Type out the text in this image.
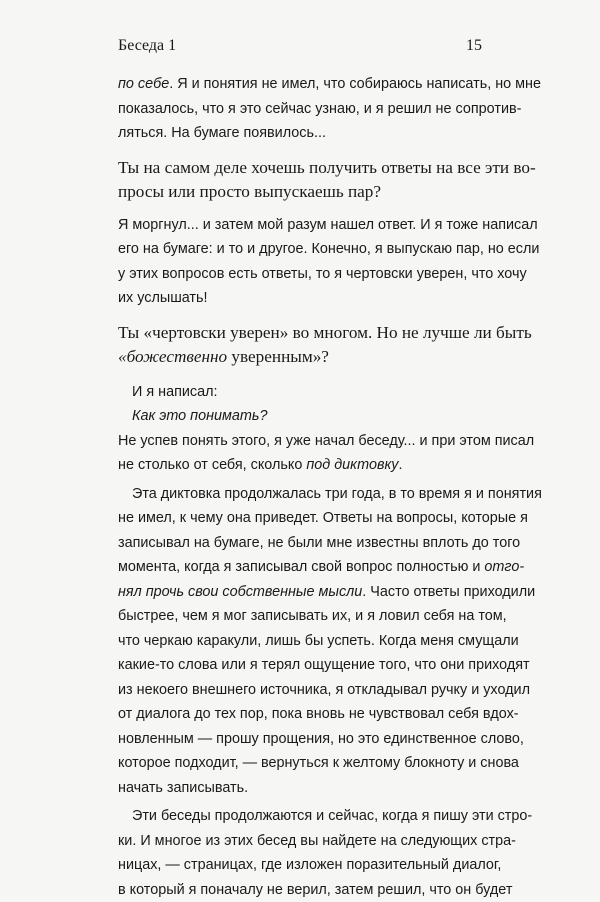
Беседа 1	15
по себе. Я и понятия не имел, что собираюсь написать, но мне
показалось, что я это сейчас узнаю, и я решил не сопротив-
ляться. На бумаге появилось...
Ты на самом деле хочешь получить ответы на все эти во-
просы или просто выпускаешь пар?
Я моргнул... и затем мой разум нашел ответ. И я тоже написал
его на бумаге: и то и другое. Конечно, я выпускаю пар, но если
у этих вопросов есть ответы, то я чертовски уверен, что хочу
их услышать!
Ты «чертовски уверен» во многом. Но не лучше ли быть
«божественно уверенным»?
И я написал:
Как это понимать?
Не успев понять этого, я уже начал беседу... и при этом писал
не столько от себя, сколько под диктовку.
Эта диктовка продолжалась три года, в то время я и понятия
не имел, к чему она приведет. Ответы на вопросы, которые я
записывал на бумаге, не были мне известны вплоть до того
момента, когда я записывал свой вопрос полностью и отго-
нял прочь свои собственные мысли. Часто ответы приходили
быстрее, чем я мог записывать их, и я ловил себя на том,
что черкаю каракули, лишь бы успеть. Когда меня смущали
какие-то слова или я терял ощущение того, что они приходят
из некоего внешнего источника, я откладывал ручку и уходил
от диалога до тех пор, пока вновь не чувствовал себя вдох-
новленным — прошу прощения, но это единственное слово,
которое подходит, — вернуться к желтому блокноту и снова
начать записывать.
Эти беседы продолжаются и сейчас, когда я пишу эти стро-
ки. И многое из этих бесед вы найдете на следующих стра-
ницах, — страницах, где изложен поразительный диалог,
в который я поначалу не верил, затем решил, что он будет
